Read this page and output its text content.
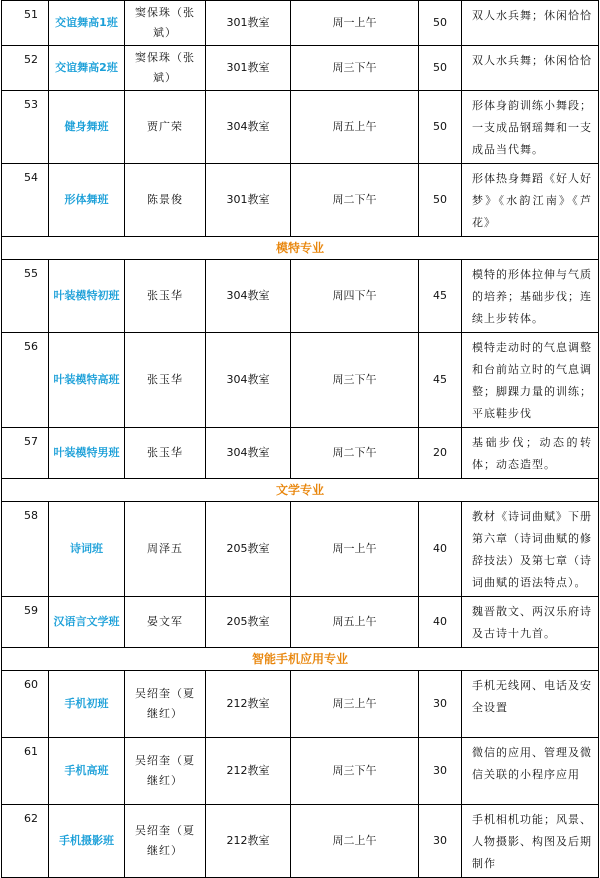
51	交谊舞高1班	窦保珠（张斌）	301教室	周一上午	50	双人水兵舞；休闲恰恰
52	交谊舞高2班	窦保珠（张斌）	301教室	周三下午	50	双人水兵舞；休闲恰恰
53	健身舞班	贾广荣	304教室	周五上午	50	形体身韵训练小舞段；一支成品钢瑶舞和一支成品当代舞。
54	形体舞班	陈景俊	301教室	周二下午	50	形体热身舞蹈《好人好梦》《水韵江南》《芦花》
模特专业						
55	叶装模特初班	张玉华	304教室	周四下午	45	模特的形体拉伸与气质的培养；基础步伐；连续上步转体。
56	叶装模特高班	张玉华	304教室	周三下午	45	模特走动时的气息调整和台前站立时的气息调整；脚踝力量的训练；平底鞋步伐
57	叶装模特男班	张玉华	304教室	周二下午	20	基础步伐；动态的转体；动态造型。
文学专业						
58	诗词班	周泽五	205教室	周一上午	40	教材《诗词曲赋》下册第六章（诗词曲赋的修辞技法）及第七章（诗词曲赋的语法特点）。
59	汉语言文学班	晏文军	205教室	周五上午	40	魏晋散文、两汉乐府诗及古诗十九首。
智能手机应用专业						
60	手机初班	吴绍奎（夏继红）	212教室	周三上午	30	手机无线网、电话及安全设置
61	手机高班	吴绍奎（夏继红）	212教室	周三下午	30	微信的应用、管理及微信关联的小程序应用
62	手机摄影班	吴绍奎（夏继红）	212教室	周二上午	30	手机相机功能；风景、人物摄影、构图及后期制作
